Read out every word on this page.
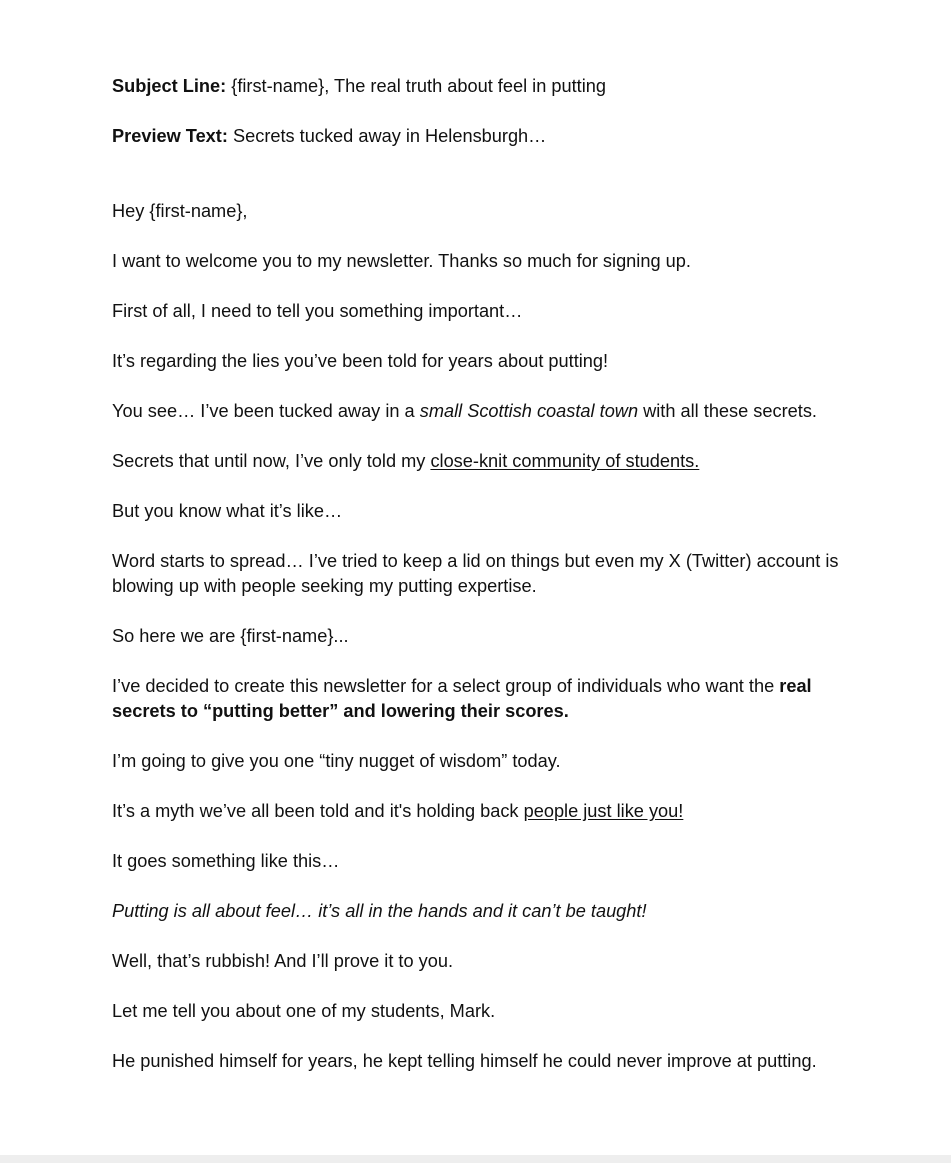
Subject Line: {first-name}, The real truth about feel in putting

Preview Text: Secrets tucked away in Helensburgh…

Hey {first-name},

I want to welcome you to my newsletter. Thanks so much for signing up.

First of all, I need to tell you something important…

It’s regarding the lies you’ve been told for years about putting!

You see… I’ve been tucked away in a small Scottish coastal town with all these secrets.

Secrets that until now, I’ve only told my close-knit community of students.

But you know what it’s like…

Word starts to spread… I’ve tried to keep a lid on things but even my X (Twitter) account is blowing up with people seeking my putting expertise.

So here we are {first-name}...

I’ve decided to create this newsletter for a select group of individuals who want the real secrets to “putting better” and lowering their scores.

I’m going to give you one “tiny nugget of wisdom” today.

It’s a myth we’ve all been told and it's holding back people just like you!

It goes something like this…

Putting is all about feel… it’s all in the hands and it can’t be taught!

Well, that’s rubbish! And I’ll prove it to you.

Let me tell you about one of my students, Mark.

He punished himself for years, he kept telling himself he could never improve at putting.
